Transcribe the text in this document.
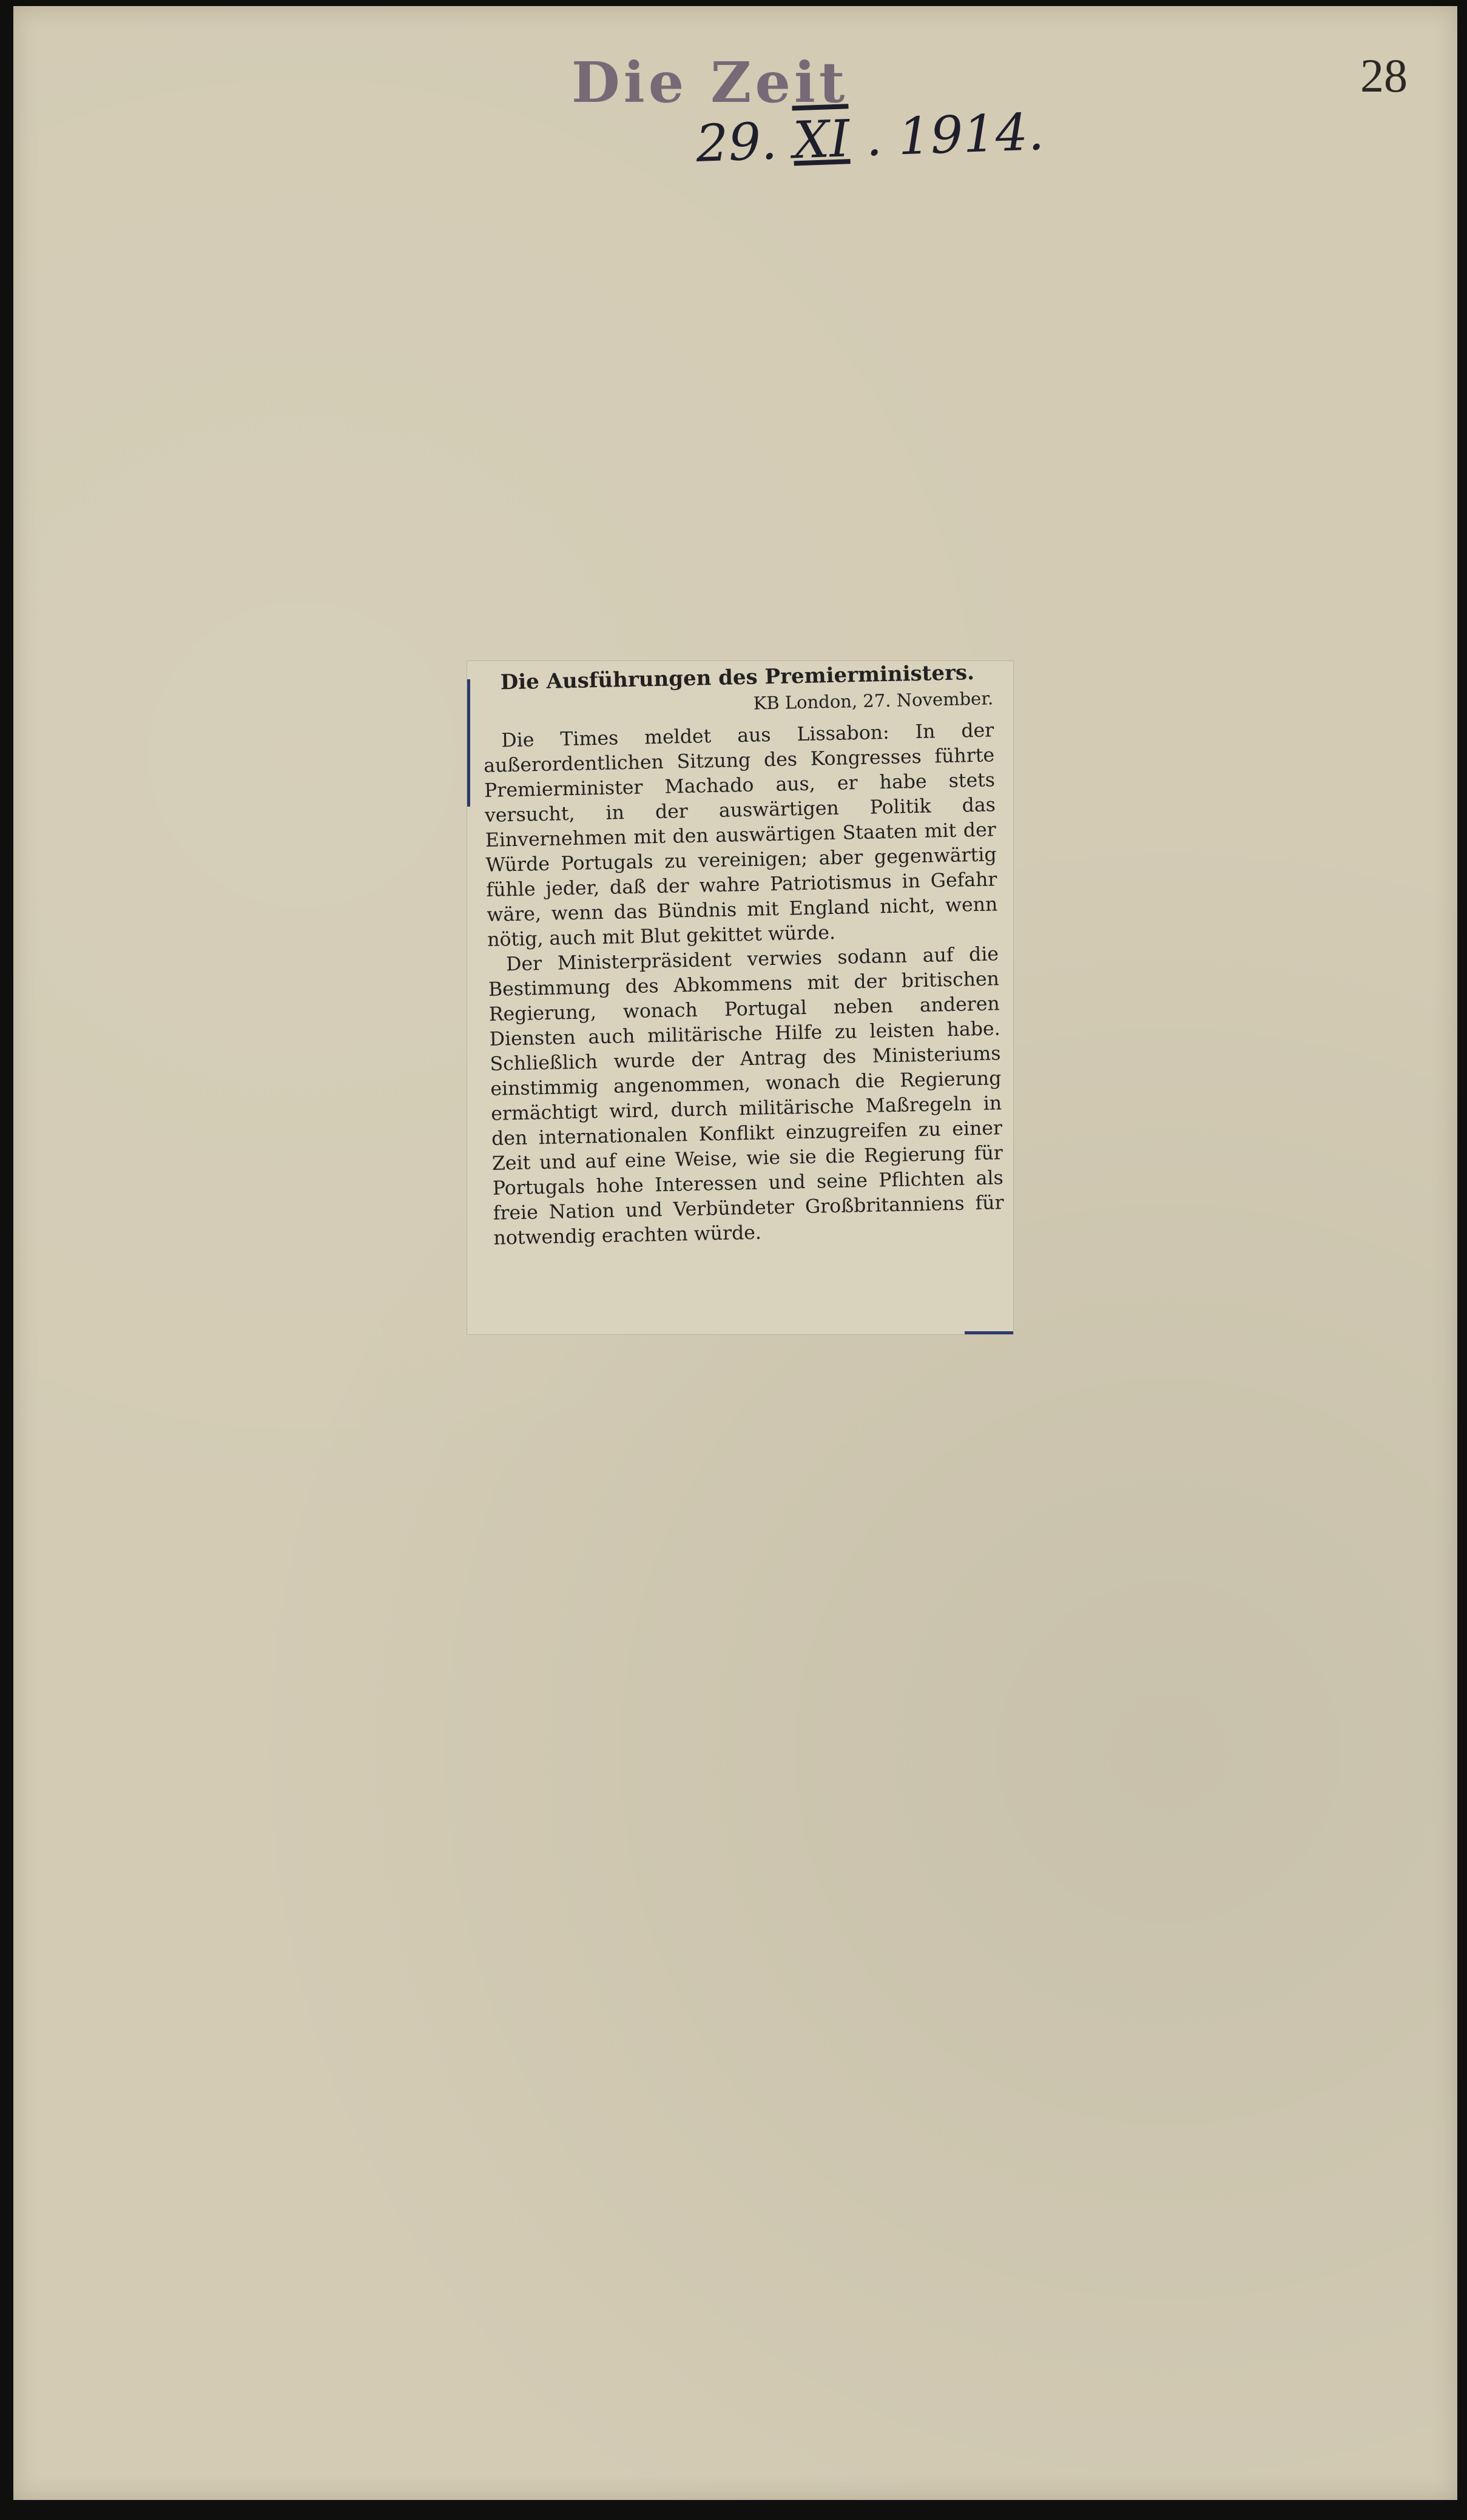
Die Zeit	28
29. XI . 1914.

Die Ausführungen des Premierministers.

KB London, 27. November.

Die Times meldet aus Lissabon: In der außerordentlichen Sitzung des Kongresses führte Premierminister Machado aus, er habe stets versucht, in der auswärtigen Politik das Einvernehmen mit den auswärtigen Staaten mit der Würde Portugals zu vereinigen; aber gegenwärtig fühle jeder, daß der wahre Patriotismus in Gefahr wäre, wenn das Bündnis mit England nicht, wenn nötig, auch mit Blut gekittet würde.

Der Ministerpräsident verwies sodann auf die Bestimmung des Abkommens mit der britischen Regierung, wonach Portugal neben anderen Diensten auch militärische Hilfe zu leisten habe. Schließlich wurde der Antrag des Ministeriums einstimmig angenommen, wonach die Regierung ermächtigt wird, durch militärische Maßregeln in den internationalen Konflikt einzugreifen zu einer Zeit und auf eine Weise, wie sie die Regierung für Portugals hohe Interessen und seine Pflichten als freie Nation und Verbündeter Großbritanniens für notwendig erachten würde.
